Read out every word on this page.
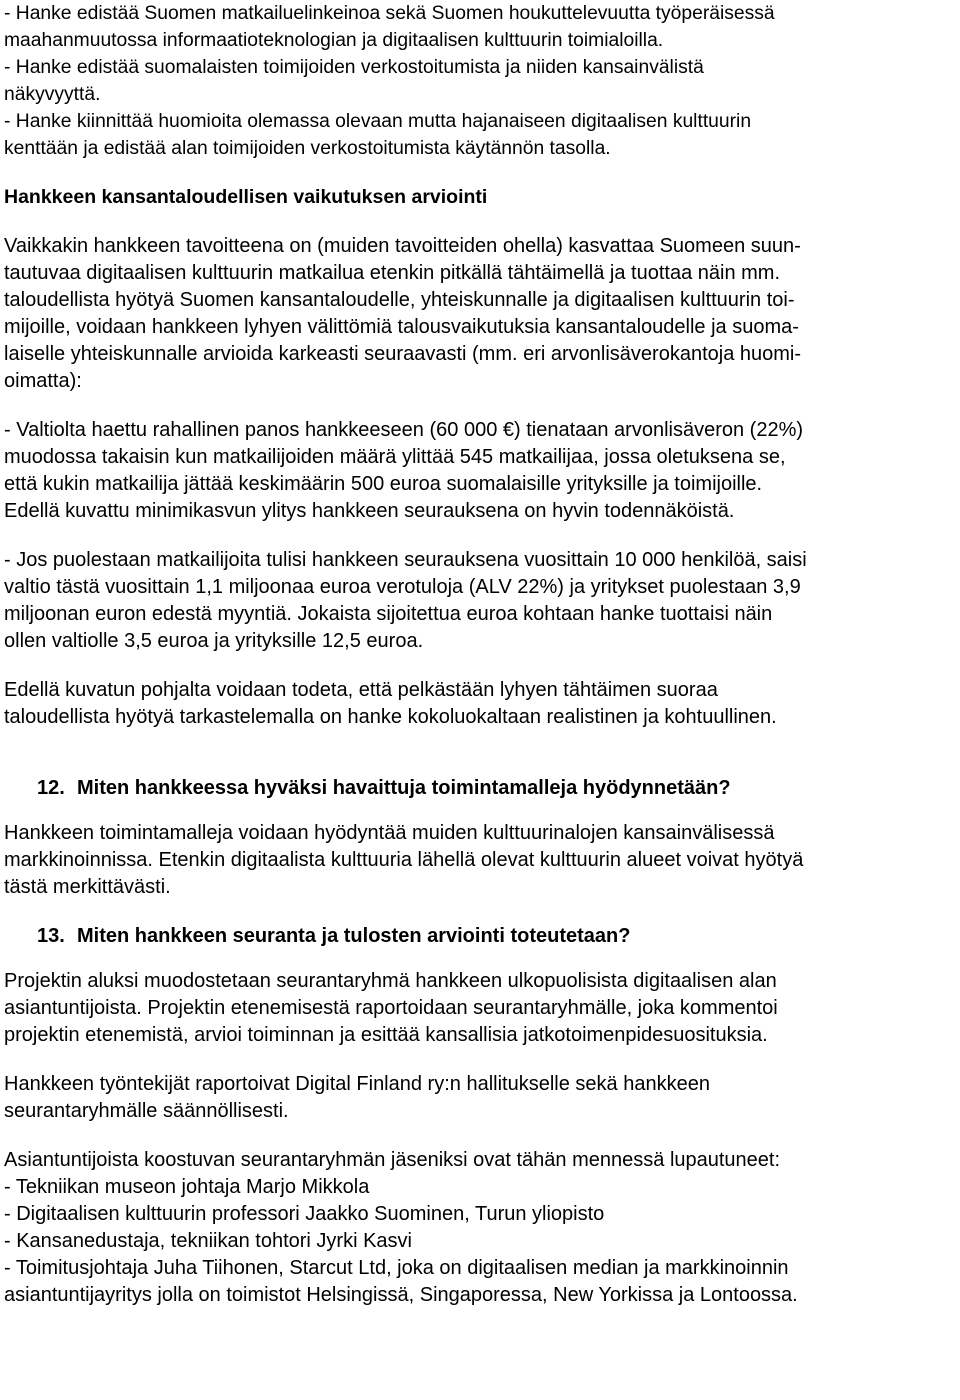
- Hanke edistää Suomen matkailuelinkeinoa sekä Suomen houkuttelevuutta työperäisessä
maahanmuutossa informaatioteknologian ja digitaalisen kulttuurin toimialoilla.
- Hanke edistää suomalaisten toimijoiden verkostoitumista ja niiden kansainvälistä
näkyvyyttä.
- Hanke kiinnittää huomioita olemassa olevaan mutta hajanaiseen digitaalisen kulttuurin
kenttään ja edistää alan toimijoiden verkostoitumista käytännön tasolla.
Hankkeen kansantaloudellisen vaikutuksen arviointi
Vaikkakin hankkeen tavoitteena on (muiden tavoitteiden ohella) kasvattaa Suomeen suun-
tautuvaa digitaalisen kulttuurin matkailua etenkin pitkällä tähtäimellä ja tuottaa näin mm.
taloudellista hyötyä Suomen kansantaloudelle, yhteiskunnalle ja digitaalisen kulttuurin toi-
mijoille, voidaan hankkeen lyhyen välittömiä talousvaikutuksia kansantaloudelle ja suoma-
laiselle yhteiskunnalle arvioida karkeasti seuraavasti (mm. eri arvonlisäverokantoja huomi-
oimatta):
- Valtiolta haettu rahallinen panos hankkeeseen (60 000 €) tienataan arvonlisäveron (22%)
muodossa takaisin kun matkailijoiden määrä ylittää 545 matkailijaa, jossa oletuksena se,
että kukin matkailija jättää keskimäärin 500 euroa suomalaisille yrityksille ja toimijoille.
Edellä kuvattu minimikasvun ylitys hankkeen seurauksena on hyvin todennäköistä.
- Jos puolestaan matkailijoita tulisi hankkeen seurauksena vuosittain 10 000 henkilöä, saisi
valtio tästä vuosittain 1,1 miljoonaa euroa verotuloja (ALV 22%) ja yritykset puolestaan 3,9
miljoonan euron edestä myyntiä. Jokaista sijoitettua euroa kohtaan hanke tuottaisi näin
ollen valtiolle 3,5 euroa ja yrityksille 12,5 euroa.
Edellä kuvatun pohjalta voidaan todeta, että pelkästään lyhyen tähtäimen suoraa
taloudellista hyötyä tarkastelemalla on hanke kokoluokaltaan realistinen ja kohtuullinen.
12. Miten hankkeessa hyväksi havaittuja toimintamalleja hyödynnetään?
Hankkeen toimintamalleja voidaan hyödyntää muiden kulttuurinalojen kansainvälisessä
markkinoinnissa. Etenkin digitaalista kulttuuria lähellä olevat kulttuurin alueet voivat hyötyä
tästä merkittävästi.
13. Miten hankkeen seuranta ja tulosten arviointi toteutetaan?
Projektin aluksi muodostetaan seurantaryhmä hankkeen ulkopuolisista digitaalisen alan
asiantuntijoista. Projektin etenemisestä raportoidaan seurantaryhmälle, joka kommentoi
projektin etenemistä, arvioi toiminnan ja esittää kansallisia jatkotoimenpidesuosituksia.
Hankkeen työntekijät raportoivat Digital Finland ry:n hallitukselle sekä hankkeen
seurantaryhmälle säännöllisesti.
Asiantuntijoista koostuvan seurantaryhmän jäseniksi ovat tähän mennessä lupautuneet:
- Tekniikan museon johtaja Marjo Mikkola
- Digitaalisen kulttuurin professori Jaakko Suominen, Turun yliopisto
- Kansanedustaja, tekniikan tohtori Jyrki Kasvi
- Toimitusjohtaja Juha Tiihonen, Starcut Ltd, joka on digitaalisen median ja markkinoinnin
asiantuntijayritys jolla on toimistot Helsingissä, Singaporessa, New Yorkissa ja Lontoossa.
